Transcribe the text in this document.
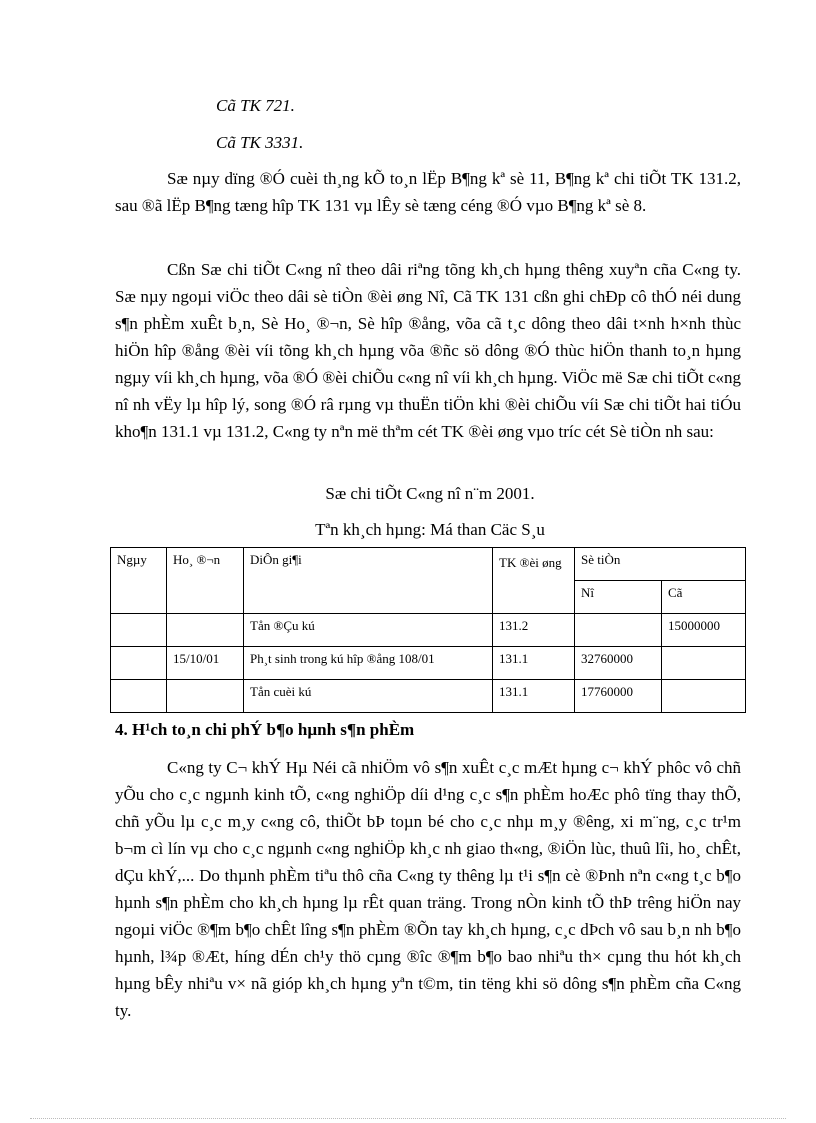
Cã TK 721.
Cã TK 3331.

Sæ nµy dïng ®Ó cuèi th¸ng kÕ to¸n lËp B¶ng kª sè 11, B¶ng kª chi tiÕt TK 131.2, sau ®ã lËp B¶ng tæng hîp TK 131 vµ lÊy sè tæng céng ®Ó vµo B¶ng kª sè 8.

Cßn Sæ chi tiÕt C«ng nî theo dâi riªng tõng kh¸ch hµng thêng xuyªn cña C«ng ty. Sæ nµy ngoµi viÖc theo dâi sè tiÒn ®èi øng Nî, Cã TK 131 cßn ghi chÐp cô thÓ néi dung s¶n phÈm xuÊt b¸n, Sè Ho¸ ®¬n, Sè hîp ®ång, võa cã t¸c dông theo dâi t×nh h×nh thùc hiÖn hîp ®ång ®èi víi tõng kh¸ch hµng võa ®ñc sö dông ®Ó thùc hiÖn thanh to¸n hµng ngµy víi kh¸ch hµng, võa ®Ó ®èi chiÕu c«ng nî víi kh¸ch hµng. ViÖc më Sæ chi tiÕt c«ng nî nh vËy lµ hîp lý, song ®Ó râ rµng vµ thuËn tiÖn khi ®èi chiÕu víi Sæ chi tiÕt hai tiÓu kho¶n 131.1 vµ 131.2, C«ng ty nªn më thªm cét TK ®èi øng vµo tríc cét Sè tiÒn nh sau:

Sæ chi tiÕt C«ng nî n¨m 2001.
Tªn kh¸ch hµng: Má than Cäc S¸u
Ngµy	Ho¸ ®¬n	DiÔn gi¶i	TK ®èi øng	Sè tiÒn	
				Nî	Cã
		Tån ®Çu kú	131.2		15000000
	15/10/01	Ph¸t sinh trong kú hîp ®ång 108/01	131.1	32760000	
		Tån cuèi kú	131.1	17760000	
4. H¹ch to¸n chi phÝ b¶o hµnh s¶n phÈm

C«ng ty C¬ khÝ Hµ Néi cã nhiÖm vô s¶n xuÊt c¸c mÆt hµng c¬ khÝ phôc vô chñ yÕu cho c¸c ngµnh kinh tÕ, c«ng nghiÖp díi d¹ng c¸c s¶n phÈm hoÆc phô tïng thay thÕ, chñ yÕu lµ c¸c m¸y c«ng cô, thiÕt bÞ toµn bé cho c¸c nhµ m¸y ®êng, xi m¨ng, c¸c tr¹m b¬m cì lín vµ cho c¸c ngµnh c«ng nghiÖp kh¸c nh giao th«ng, ®iÖn lùc, thuû lîi, ho¸ chÊt, dÇu khÝ,... Do thµnh phÈm tiªu thô cña C«ng ty thêng lµ t¹i s¶n cè ®Þnh nªn c«ng t¸c b¶o hµnh s¶n phÈm cho kh¸ch hµng lµ rÊt quan träng. Trong nÒn kinh tÕ thÞ trêng hiÖn nay ngoµi viÖc ®¶m b¶o chÊt lîng s¶n phÈm ®Õn tay kh¸ch hµng, c¸c dÞch vô sau b¸n nh b¶o hµnh, l¾p ®Æt, híng dÉn ch¹y thö cµng ®îc ®¶m b¶o bao nhiªu th× cµng thu hót kh¸ch hµng bÊy nhiªu v× nã gióp kh¸ch hµng yªn t©m, tin tëng khi sö dông s¶n phÈm cña C«ng ty.
